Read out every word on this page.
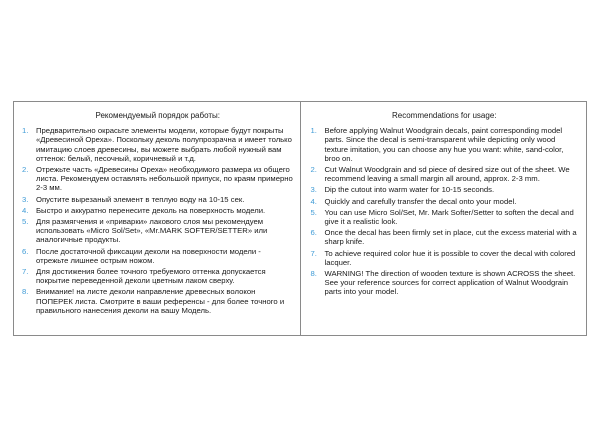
Рекомендуемый порядок работы:
1. Предварительно окрасьте элементы модели, которые будут покрыты «Древесиной Ореха». Поскольку деколь полупрозрачна и имеет только имитацию слоев древесины, вы можете выбрать любой нужный вам оттенок: белый, песочный, коричневый и т.д.
2. Отрежьте часть «Древесины Ореха» необходимого размера из общего листа. Рекомендуем оставлять небольшой припуск, по краям примерно 2-3 мм.
3. Опустите вырезаный элемент в теплую воду на 10-15 сек.
4. Быстро и аккуратно перенесите деколь на поверхность модели.
5. Для размягчения и «приварки» лакового слоя мы рекомендуем использовать «Micro Sol/Set», «Mr.MARK SOFTER/SETTER» или аналогичные продукты.
6. После достаточной фиксации деколи на поверхности модели - отрежьте лишнее острым ножом.
7. Для достижения более точного требуемого оттенка допускается покрытие переведенной деколи цветным лаком сверху.
8. Внимание! на листе деколи направление древесных волокон ПОПЕРЕК листа. Смотрите в ваши референсы - для более точного и правильного нанесения деколи на вашу Модель.
Recommendations for usage:
1. Before applying Walnut Woodgrain decals, paint corresponding model parts. Since the decal is semi-transparent while depicting only wood texture imitation, you can choose any hue you want: white, sand-color, broo on.
2. Cut Walnut Woodgrain and sd piece of desired size out of the sheet. We recommend leaving a small margin all around, approx. 2-3 mm.
3. Dip the cutout into warm water for 10-15 seconds.
4. Quickly and carefully transfer the decal onto your model.
5. You can use Micro Sol/Set, Mr. Mark Softer/Setter to soften the decal and give it a realistic look.
6. Once the decal has been firmly set in place, cut the excess material with a sharp knife.
7. To achieve required color hue it is possible to cover the decal with colored lacquer.
8. WARNING! The direction of wooden texture is shown ACROSS the sheet. See your reference sources for correct application of Walnut Woodgrain parts into your model.
